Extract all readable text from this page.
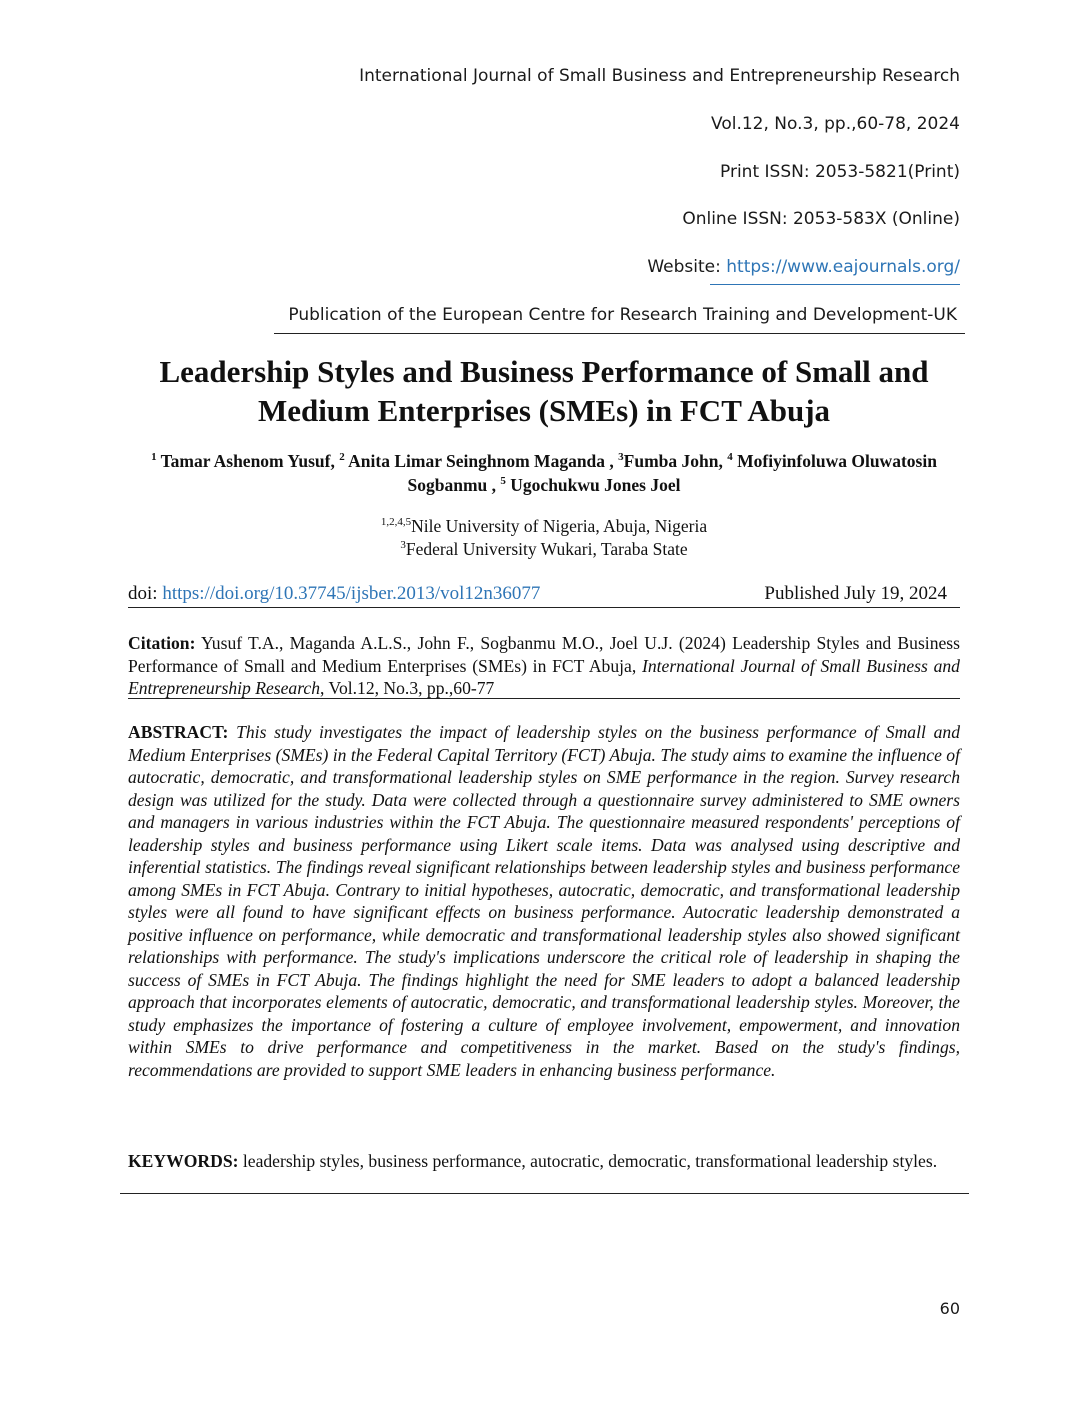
International Journal of Small Business and Entrepreneurship Research
Vol.12, No.3, pp.,60-78, 2024
Print ISSN: 2053-5821(Print)
Online ISSN: 2053-583X (Online)
Website: https://www.eajournals.org/
Publication of the European Centre for Research Training and Development-UK
Leadership Styles and Business Performance of Small and
Medium Enterprises (SMEs) in FCT Abuja
$^1$ Tamar Ashenom Yusuf, $^2$ Anita Limar Seinghnom Maganda , $^3$Fumba John, $^4$ Mofiyinfoluwa Oluwatosin Sogbanmu , $^5$ Ugochukwu Jones Joel
$^{1,2,4,5}$Nile University of Nigeria, Abuja, Nigeria
$^3$Federal University Wukari, Taraba State
doi: https://doi.org/10.37745/ijsber.2013/vol12n36077	Published July 19, 2024
Citation: Yusuf T.A., Maganda A.L.S., John F., Sogbanmu M.O., Joel U.J. (2024) Leadership Styles and Business Performance of Small and Medium Enterprises (SMEs) in FCT Abuja, International Journal of Small Business and Entrepreneurship Research, Vol.12, No.3, pp.,60-77
ABSTRACT: This study investigates the impact of leadership styles on the business performance of Small and Medium Enterprises (SMEs) in the Federal Capital Territory (FCT) Abuja. The study aims to examine the influence of autocratic, democratic, and transformational leadership styles on SME performance in the region. Survey research design was utilized for the study. Data were collected through a questionnaire survey administered to SME owners and managers in various industries within the FCT Abuja. The questionnaire measured respondents' perceptions of leadership styles and business performance using Likert scale items. Data was analysed using descriptive and inferential statistics. The findings reveal significant relationships between leadership styles and business performance among SMEs in FCT Abuja. Contrary to initial hypotheses, autocratic, democratic, and transformational leadership styles were all found to have significant effects on business performance. Autocratic leadership demonstrated a positive influence on performance, while democratic and transformational leadership styles also showed significant relationships with performance. The study's implications underscore the critical role of leadership in shaping the success of SMEs in FCT Abuja. The findings highlight the need for SME leaders to adopt a balanced leadership approach that incorporates elements of autocratic, democratic, and transformational leadership styles. Moreover, the study emphasizes the importance of fostering a culture of employee involvement, empowerment, and innovation within SMEs to drive performance and competitiveness in the market. Based on the study's findings, recommendations are provided to support SME leaders in enhancing business performance.
KEYWORDS: leadership styles, business performance, autocratic, democratic, transformational leadership styles.
60
